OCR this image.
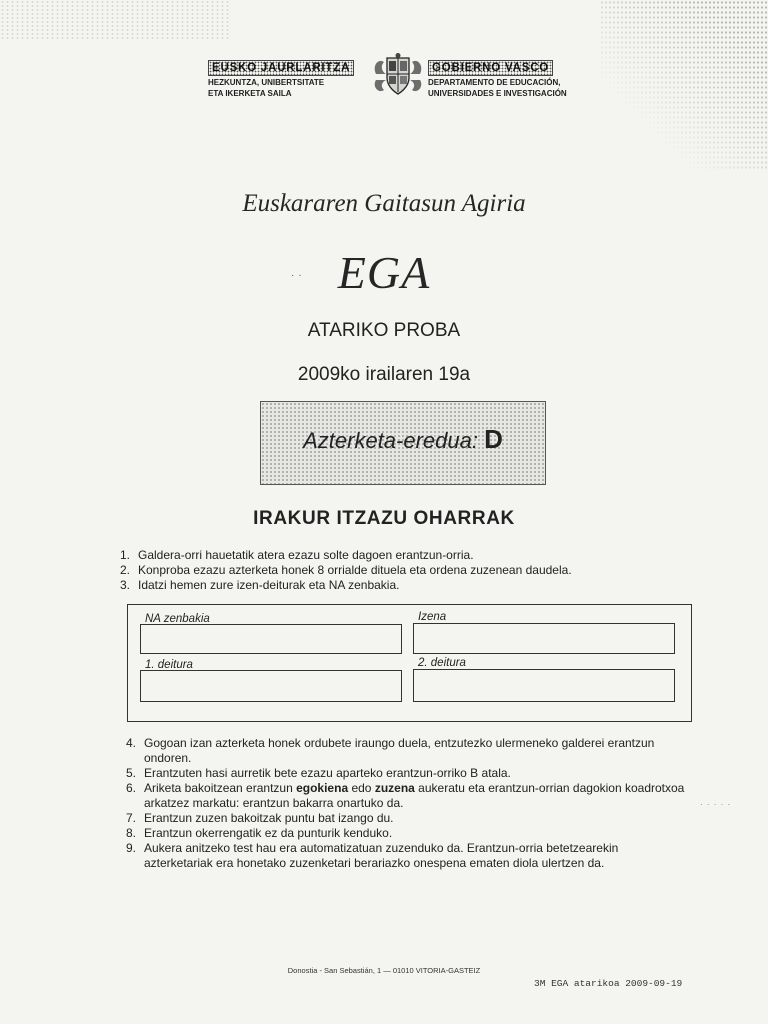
EUSKO JAURLARITZA
HEZKUNTZA, UNIBERTSITATE
ETA IKERKETA SAILA
GOBIERNO VASCO
DEPARTAMENTO DE EDUCACIÓN,
UNIVERSIDADES E INVESTIGACIÓN
Euskararen Gaitasun Agiria
·· EGA
ATARIKO PROBA
2009ko irailaren 19a
Azterketa-eredua: D
IRAKUR ITZAZU OHARRAK
1. Galdera-orri hauetatik atera ezazu solte dagoen erantzun-orria.
2. Konproba ezazu azterketa honek 8 orrialde dituela eta ordena zuzenean daudela.
3. Idatzi hemen zure izen-deiturak eta NA zenbakia.
NA zenbakia	Izena
1. deitura	2. deitura
4. Gogoan izan azterketa honek ordubete iraungo duela, entzutezko ulermeneko galderei erantzun ondoren.
5. Erantzuten hasi aurretik bete ezazu aparteko erantzun-orriko B atala.
6. Ariketa bakoitzean erantzun egokiena edo zuzena aukeratu eta erantzun-orrian dagokion koadrotxoa arkatzez markatu: erantzun bakarra onartuko da.
7. Erantzun zuzen bakoitzak puntu bat izango du.
8. Erantzun okerrengatik ez da punturik kenduko.
9. Aukera anitzeko test hau era automatizatuan zuzenduko da. Erantzun-orria betetzearekin azterketariak era honetako zuzenketari berariazko onespena ematen diola ulertzen da.
· · · · ·
Donostia - San Sebastián, 1 — 01010 VITORIA-GASTEIZ
3M EGA atarikoa 2009-09-19
